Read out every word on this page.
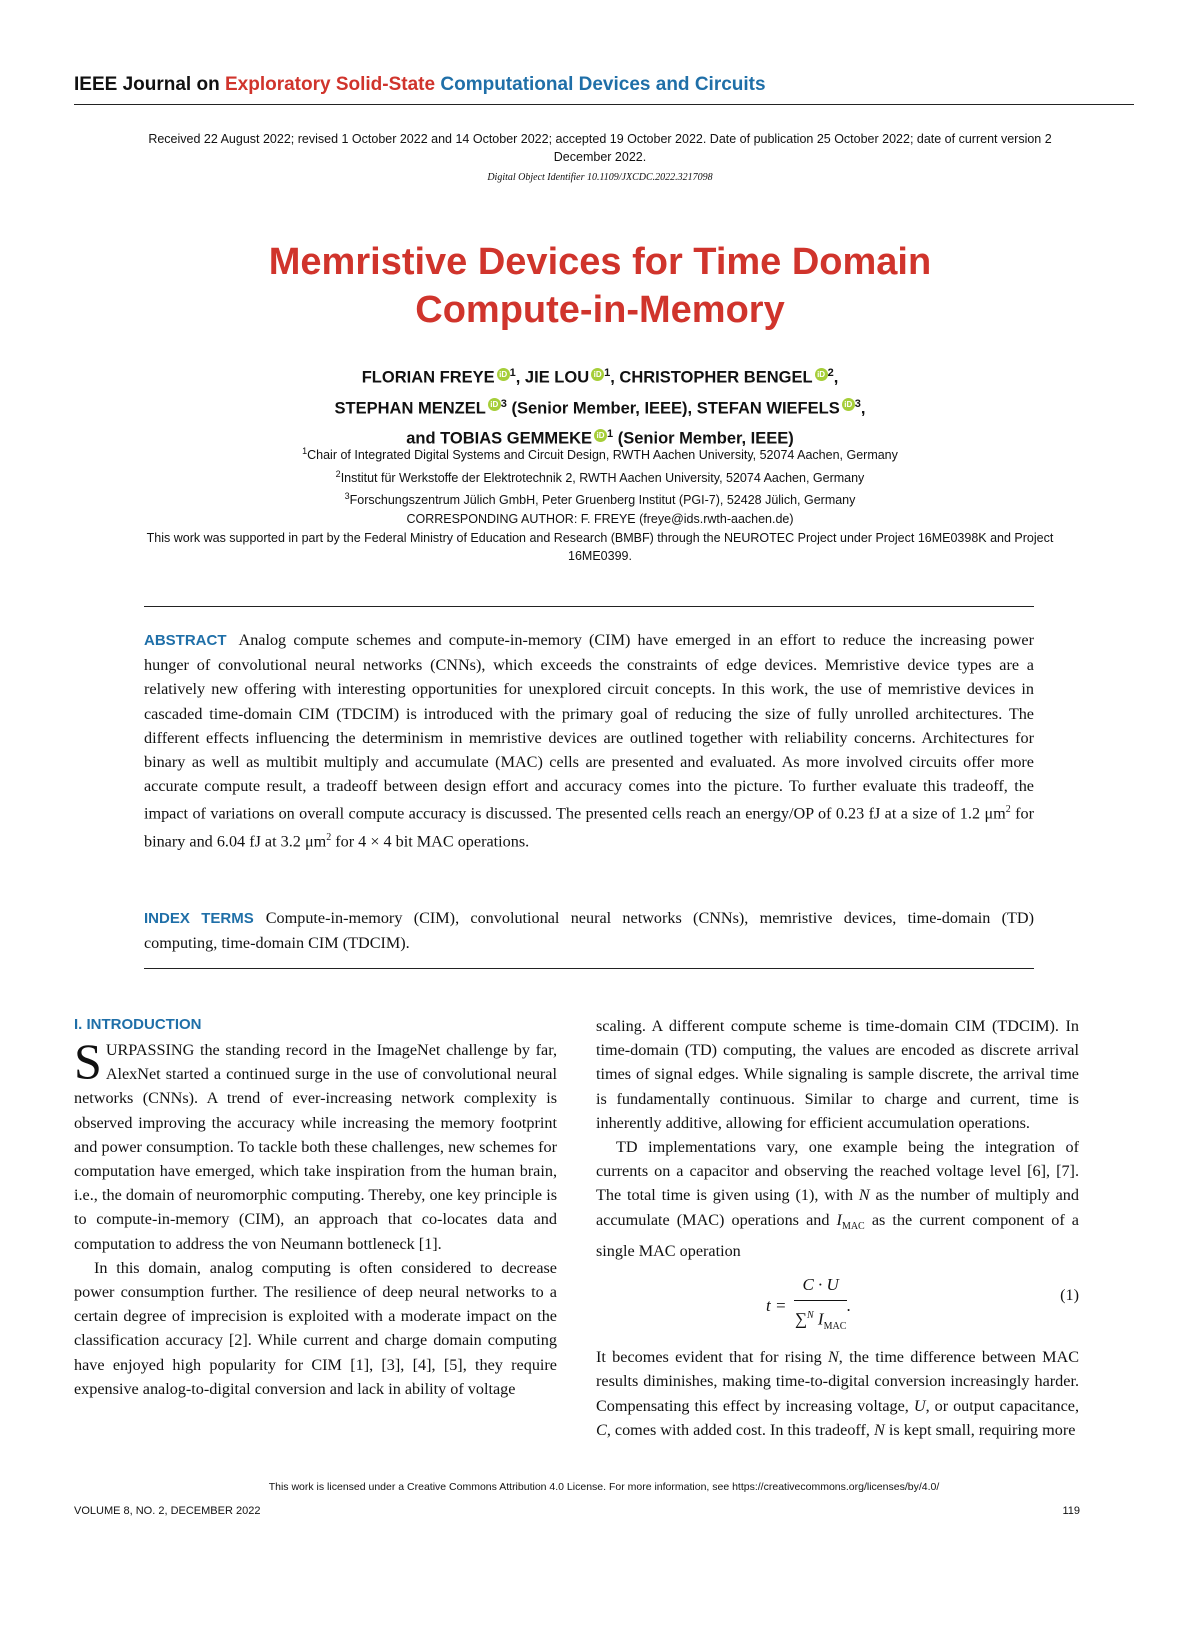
IEEE Journal on Exploratory Solid-State Computational Devices and Circuits
Received 22 August 2022; revised 1 October 2022 and 14 October 2022; accepted 19 October 2022. Date of publication 25 October 2022; date of current version 2 December 2022.
Digital Object Identifier 10.1109/JXCDC.2022.3217098
Memristive Devices for Time Domain
Compute-in-Memory
FLORIAN FREYE iD $^1$, JIE LOU iD $^1$, CHRISTOPHER BENGEL iD $^2$,
STEPHAN MENZEL iD $^3$ (Senior Member, IEEE), STEFAN WIEFELS iD $^3$,
and TOBIAS GEMMEKE iD $^1$ (Senior Member, IEEE)
$^1$Chair of Integrated Digital Systems and Circuit Design, RWTH Aachen University, 52074 Aachen, Germany
$^2$Institut für Werkstoffe der Elektrotechnik 2, RWTH Aachen University, 52074 Aachen, Germany
$^3$Forschungszentrum Jülich GmbH, Peter Gruenberg Institut (PGI-7), 52428 Jülich, Germany
CORRESPONDING AUTHOR: F. FREYE (freye@ids.rwth-aachen.de)
This work was supported in part by the Federal Ministry of Education and Research (BMBF) through the NEUROTEC Project under Project 16ME0398K and Project 16ME0399.
ABSTRACT Analog compute schemes and compute-in-memory (CIM) have emerged in an effort to reduce the increasing power hunger of convolutional neural networks (CNNs), which exceeds the constraints of edge devices. Memristive device types are a relatively new offering with interesting opportunities for unexplored circuit concepts. In this work, the use of memristive devices in cascaded time-domain CIM (TDCIM) is introduced with the primary goal of reducing the size of fully unrolled architectures. The different effects influencing the determinism in memristive devices are outlined together with reliability concerns. Architectures for binary as well as multibit multiply and accumulate (MAC) cells are presented and evaluated. As more involved circuits offer more accurate compute result, a tradeoff between design effort and accuracy comes into the picture. To further evaluate this tradeoff, the impact of variations on overall compute accuracy is discussed. The presented cells reach an energy/OP of 0.23 fJ at a size of 1.2 $\mu m^2$ for binary and 6.04 fJ at 3.2 $\mu m^2$ for 4 × 4 bit MAC operations.
INDEX TERMS Compute-in-memory (CIM), convolutional neural networks (CNNs), memristive devices, time-domain (TD) computing, time-domain CIM (TDCIM).
I. INTRODUCTION

SURPASSING the standing record in the ImageNet challenge by far, AlexNet started a continued surge in the use of convolutional neural networks (CNNs). A trend of ever-increasing network complexity is observed improving the accuracy while increasing the memory footprint and power consumption. To tackle both these challenges, new schemes for computation have emerged, which take inspiration from the human brain, i.e., the domain of neuromorphic computing. Thereby, one key principle is to compute-in-memory (CIM), an approach that co-locates data and computation to address the von Neumann bottleneck [1].

In this domain, analog computing is often considered to decrease power consumption further. The resilience of deep neural networks to a certain degree of imprecision is exploited with a moderate impact on the classification accuracy [2]. While current and charge domain computing have enjoyed high popularity for CIM [1], [3], [4], [5], they require expensive analog-to-digital conversion and lack in ability of voltage

scaling. A different compute scheme is time-domain CIM (TDCIM). In time-domain (TD) computing, the values are encoded as discrete arrival times of signal edges. While signaling is sample discrete, the arrival time is fundamentally continuous. Similar to charge and current, time is inherently additive, allowing for efficient accumulation operations.

TD implementations vary, one example being the integration of currents on a capacitor and observing the reached voltage level [6], [7]. The total time is given using (1), with N as the number of multiply and accumulate (MAC) operations and $I_{MAC}$ as the current component of a single MAC operation

$t = \frac{C \cdot U}{\sum^N I_{MAC}}$ .
(1)

It becomes evident that for rising N, the time difference between MAC results diminishes, making time-to-digital conversion increasingly harder. Compensating this effect by increasing voltage, U, or output capacitance, C, comes with added cost. In this tradeoff, N is kept small, requiring more

This work is licensed under a Creative Commons Attribution 4.0 License. For more information, see https://creativecommons.org/licenses/by/4.0/
VOLUME 8, NO. 2, DECEMBER 2022	119
